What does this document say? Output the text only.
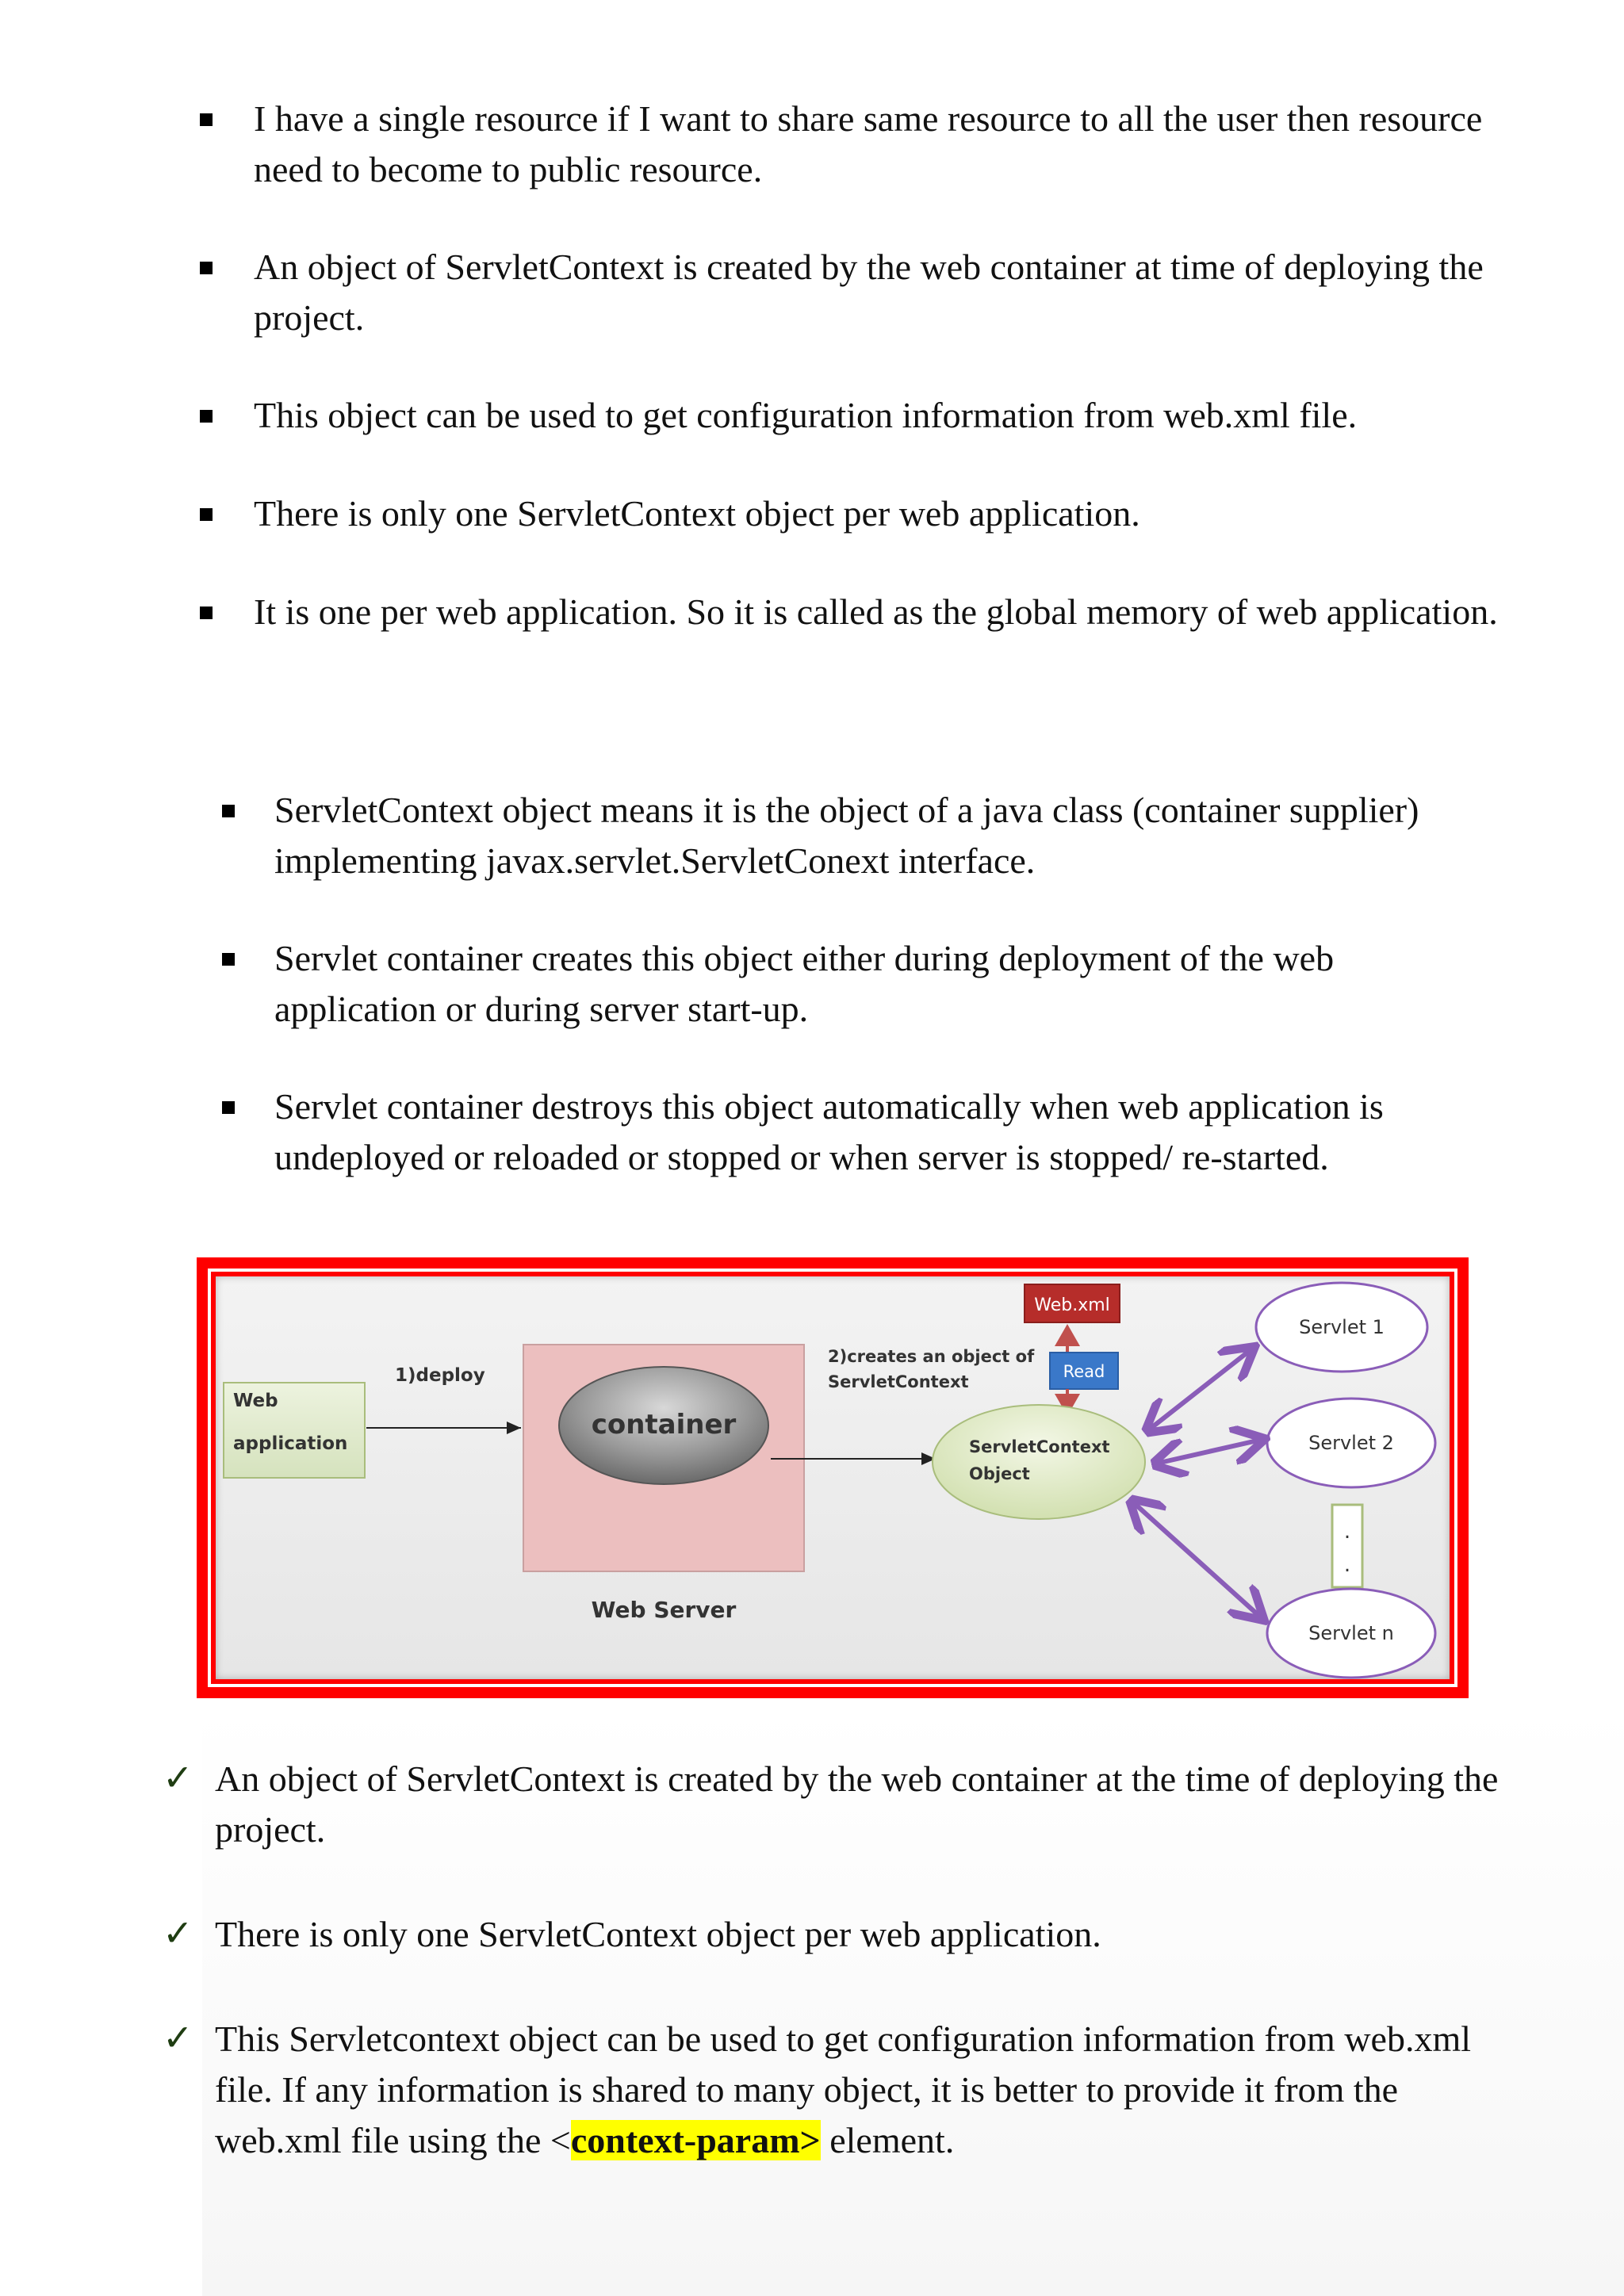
I have a single resource if I want to share same resource to all the user then resource need to become to public resource.
An object of ServletContext is created by the web container at time of deploying the project.
This object can be used to get configuration information from web.xml file.
There is only one ServletContext object per web application.
It is one per web application. So it is called as the global memory of web application.
ServletContext object means it is the object of a java class (container supplier) implementing javax.servlet.ServletConext interface.
Servlet container creates this object either during deployment of the web application or during server start-up.
Servlet container destroys this object automatically when web application is undeployed or reloaded or stopped or when server is stopped/ re-started.
Web
application
1)deploy
container
Web Server
2)creates an object of
ServletContext
Web.xml
Read
ServletContext
Object
Servlet 1
Servlet 2
.
.
Servlet n
✓ An object of ServletContext is created by the web container at the time of deploying the project.
✓ There is only one ServletContext object per web application.
✓ This Servletcontext object can be used to get configuration information from web.xml file. If any information is shared to many object, it is better to provide it from the web.xml file using the <context-param> element.
